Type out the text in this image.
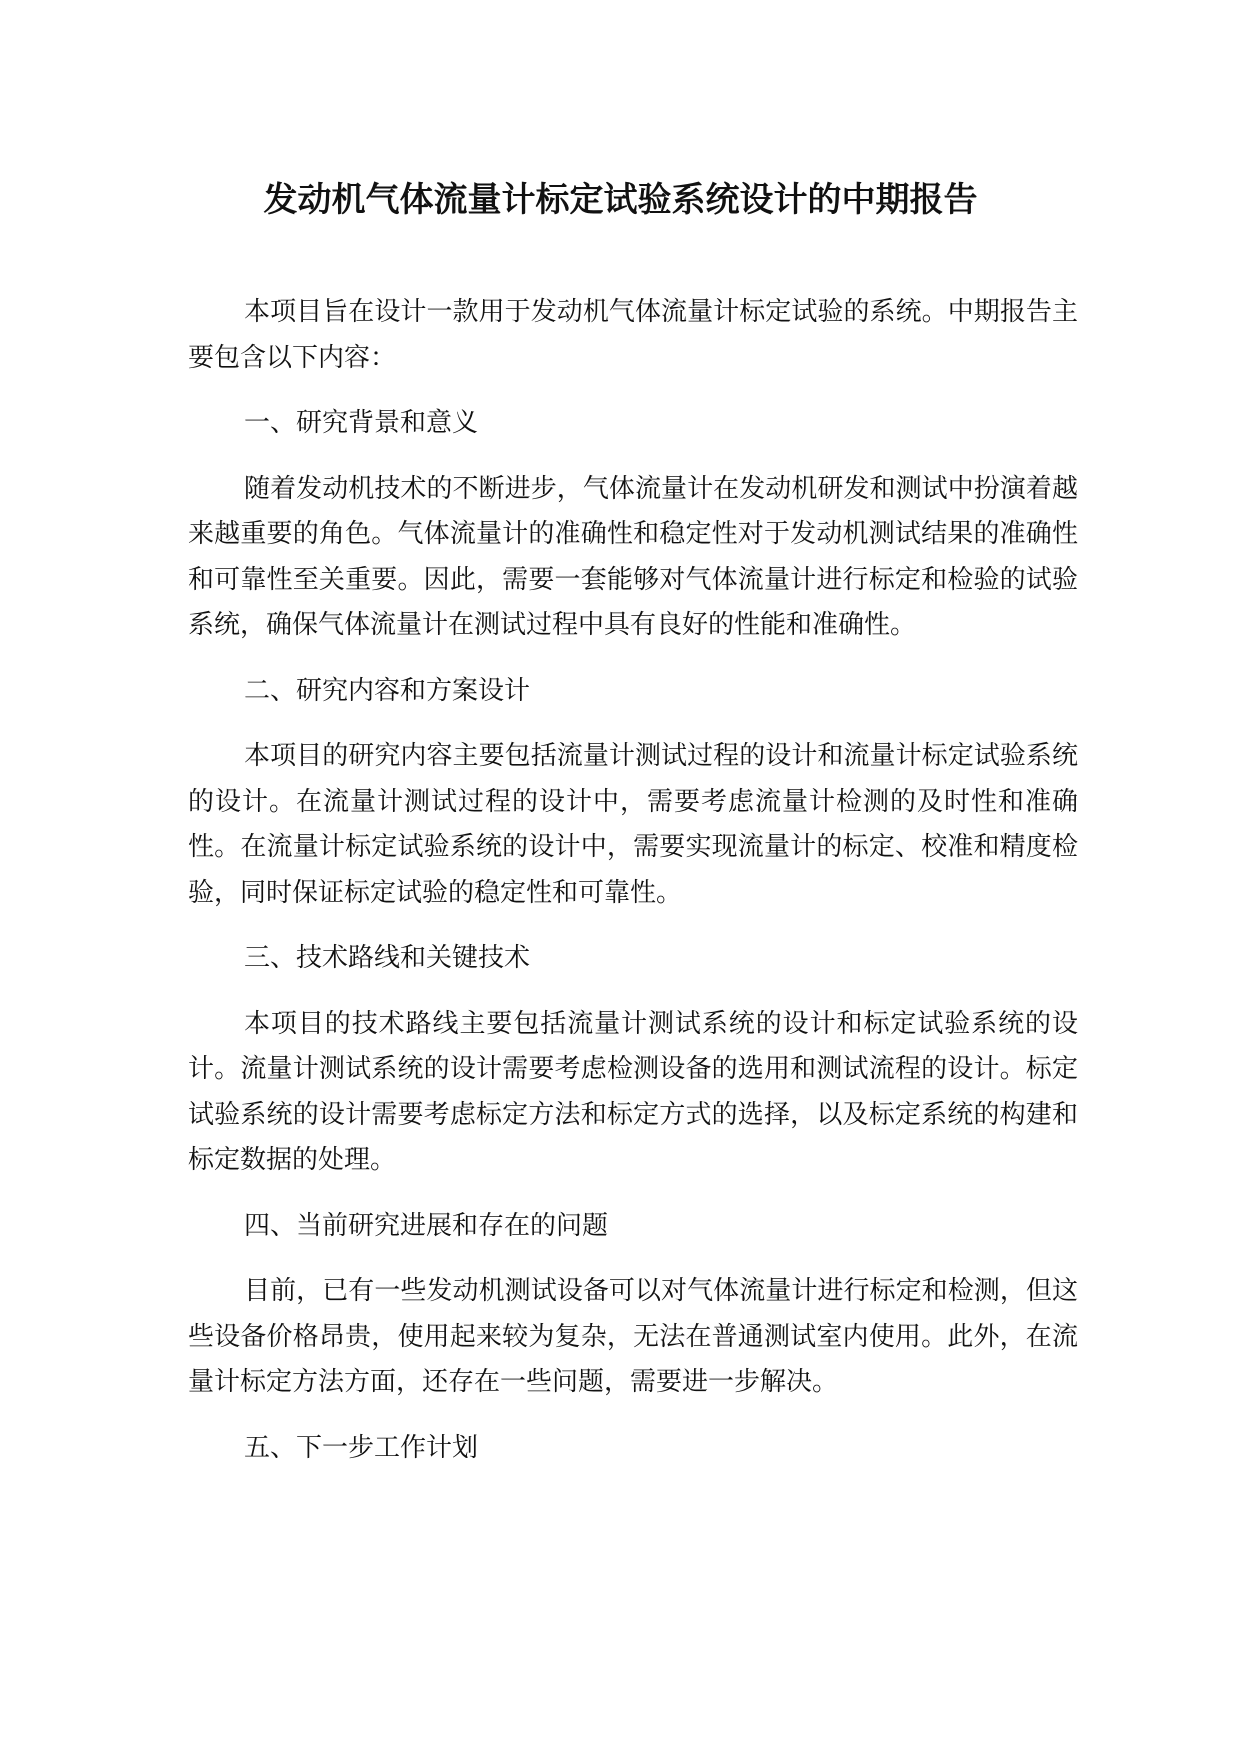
发动机气体流量计标定试验系统设计的中期报告

本项目旨在设计一款用于发动机气体流量计标定试验的系统。中期报告主要包含以下内容：

一、研究背景和意义

随着发动机技术的不断进步，气体流量计在发动机研发和测试中扮演着越来越重要的角色。气体流量计的准确性和稳定性对于发动机测试结果的准确性和可靠性至关重要。因此，需要一套能够对气体流量计进行标定和检验的试验系统，确保气体流量计在测试过程中具有良好的性能和准确性。

二、研究内容和方案设计

本项目的研究内容主要包括流量计测试过程的设计和流量计标定试验系统的设计。在流量计测试过程的设计中，需要考虑流量计检测的及时性和准确性。在流量计标定试验系统的设计中，需要实现流量计的标定、校准和精度检验，同时保证标定试验的稳定性和可靠性。

三、技术路线和关键技术

本项目的技术路线主要包括流量计测试系统的设计和标定试验系统的设计。流量计测试系统的设计需要考虑检测设备的选用和测试流程的设计。标定试验系统的设计需要考虑标定方法和标定方式的选择，以及标定系统的构建和标定数据的处理。

四、当前研究进展和存在的问题

目前，已有一些发动机测试设备可以对气体流量计进行标定和检测，但这些设备价格昂贵，使用起来较为复杂，无法在普通测试室内使用。此外，在流量计标定方法方面，还存在一些问题，需要进一步解决。

五、下一步工作计划
